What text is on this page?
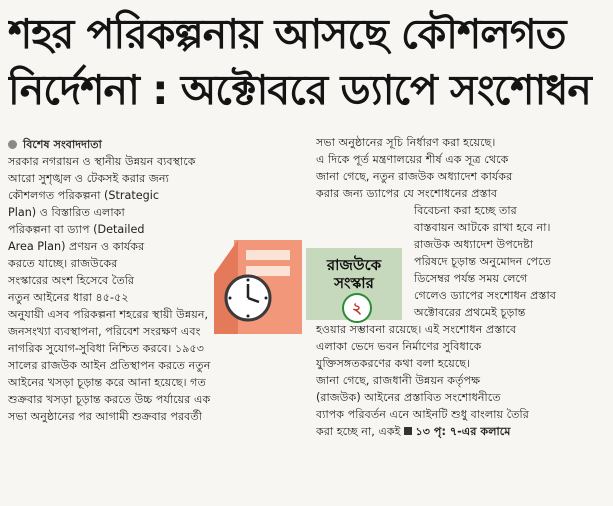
শহর পরিকল্পনায় আসছে কৌশলগত
নির্দেশনা : অক্টোবরে ড্যাপে সংশোধন

বিশেষ সংবাদদাতা

সরকার নগরায়ন ও স্থানীয় উন্নয়ন ব্যবস্থাকে

আরো সুশৃঙ্খল ও টেকসই করার জন্য

কৌশলগত পরিকল্পনা (Strategic

Plan) ও বিস্তারিত এলাকা

পরিকল্পনা বা ড্যাপ (Detailed

Area Plan) প্রণয়ন ও কার্যকর

করতে যাচ্ছে। রাজউকের

সংস্কারের অংশ হিসেবে তৈরি

নতুন আইনের ধারা ৪৫-৫২

অনুযায়ী এসব পরিকল্পনা শহরের স্থায়ী উন্নয়ন,

জনসংখ্যা ব্যবস্থাপনা, পরিবেশ সংরক্ষণ এবং

নাগরিক সুযোগ-সুবিধা নিশ্চিত করবে। ১৯৫৩

সালের রাজউক আইন প্রতিস্থাপন করতে নতুন

আইনের খসড়া চূড়ান্ত করে আনা হয়েছে। গত

শুক্রবার খসড়া চূড়ান্ত করতে উচ্চ পর্যায়ের এক

সভা অনুষ্ঠানের পর আগামী শুক্রবার পরবর্তী

সভা অনুষ্ঠানের সূচি নির্ধারণ করা হয়েছে।

এ দিকে পূর্ত মন্ত্রণালয়ের শীর্ষ এক সূত্র থেকে

জানা গেছে, নতুন রাজউক অধ্যাদেশ কার্যকর

করার জন্য ড্যাপের যে সংশোধনের প্রস্তাব

বিবেচনা করা হচ্ছে তার

বাস্তবায়ন আটকে রাখা হবে না।

রাজউক অধ্যাদেশ উপদেষ্টা

পরিষদে চূড়ান্ত অনুমোদন পেতে

ডিসেম্বর পর্যন্ত সময় লেগে

গেলেও ড্যাপের সংশোধন প্রস্তাব

অক্টোবরের প্রথমেই চূড়ান্ত

হওয়ার সম্ভাবনা রয়েছে। এই সংশোধন প্রস্তাবে

এলাকা ভেদে ভবন নির্মাণের সুবিধাকে

যুক্তিসঙ্গতকরণের কথা বলা হয়েছে।

জানা গেছে, রাজধানী উন্নয়ন কর্তৃপক্ষ

(রাজউক) আইনের প্রস্তাবিত সংশোধনীতে

ব্যাপক পরিবর্তন এনে আইনটি শুধু বাংলায় তৈরি

করা হচ্ছে না, একই ১৩ পৃ: ৭-এর কলামে

রাজউকে
সংস্কার
২
